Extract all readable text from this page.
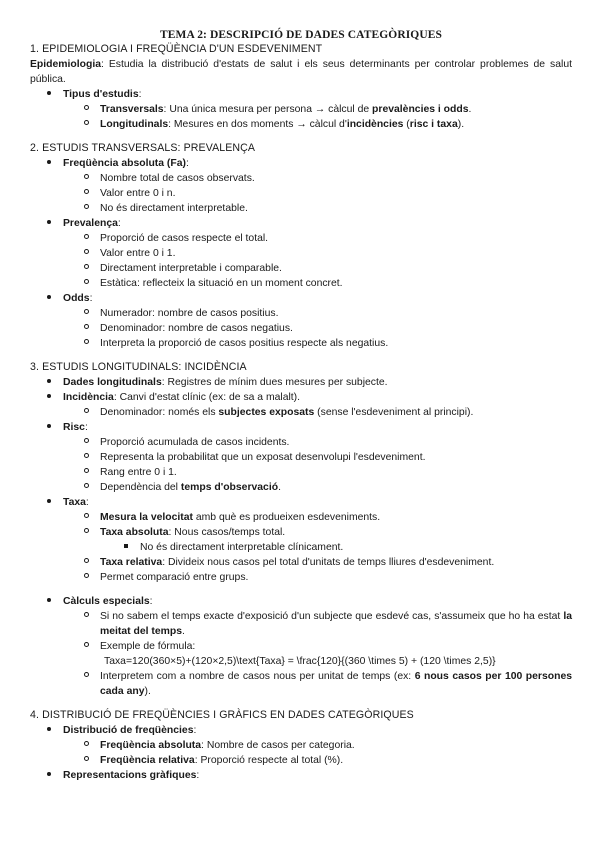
TEMA 2: DESCRIPCIÓ DE DADES CATEGÒRIQUES

1. EPIDEMIOLOGIA I FREQÜÈNCIA D'UN ESDEVENIMENT

Epidemiologia: Estudia la distribució d'estats de salut i els seus determinants per controlar problemes de salut pública.

Tipus d'estudis:
Transversals: Una única mesura per persona → càlcul de prevalències i odds.
Longitudinals: Mesures en dos moments → càlcul d'incidències (risc i taxa).

2. ESTUDIS TRANSVERSALS: PREVALENÇA

Freqüència absoluta (Fa):
Nombre total de casos observats.
Valor entre 0 i n.
No és directament interpretable.
Prevalença:
Proporció de casos respecte el total.
Valor entre 0 i 1.
Directament interpretable i comparable.
Estàtica: reflecteix la situació en un moment concret.
Odds:
Numerador: nombre de casos positius.
Denominador: nombre de casos negatius.
Interpreta la proporció de casos positius respecte als negatius.

3. ESTUDIS LONGITUDINALS: INCIDÈNCIA

Dades longitudinals: Registres de mínim dues mesures per subjecte.
Incidència: Canvi d'estat clínic (ex: de sa a malalt).
Denominador: només els subjectes exposats (sense l'esdeveniment al principi).
Risc:
Proporció acumulada de casos incidents.
Representa la probabilitat que un exposat desenvolupi l'esdeveniment.
Rang entre 0 i 1.
Dependència del temps d'observació.
Taxa:
Mesura la velocitat amb què es produeixen esdeveniments.
Taxa absoluta: Nous casos/temps total.
No és directament interpretable clínicament.
Taxa relativa: Divideix nous casos pel total d'unitats de temps lliures d'esdeveniment.
Permet comparació entre grups.
Càlculs especials:
Si no sabem el temps exacte d'exposició d'un subjecte que esdevé cas, s'assumeix que ho ha estat la meitat del temps.
Exemple de fórmula:
Taxa=120(360×5)+(120×2,5)\text{Taxa} = \frac{120}{(360 \times 5) + (120 \times 2,5)}
Interpretem com a nombre de casos nous per unitat de temps (ex: 6 nous casos per 100 persones cada any).

4. DISTRIBUCIÓ DE FREQÜÈNCIES I GRÀFICS EN DADES CATEGÒRIQUES

Distribució de freqüències:
Freqüència absoluta: Nombre de casos per categoria.
Freqüència relativa: Proporció respecte al total (%).
Representacions gràfiques:
